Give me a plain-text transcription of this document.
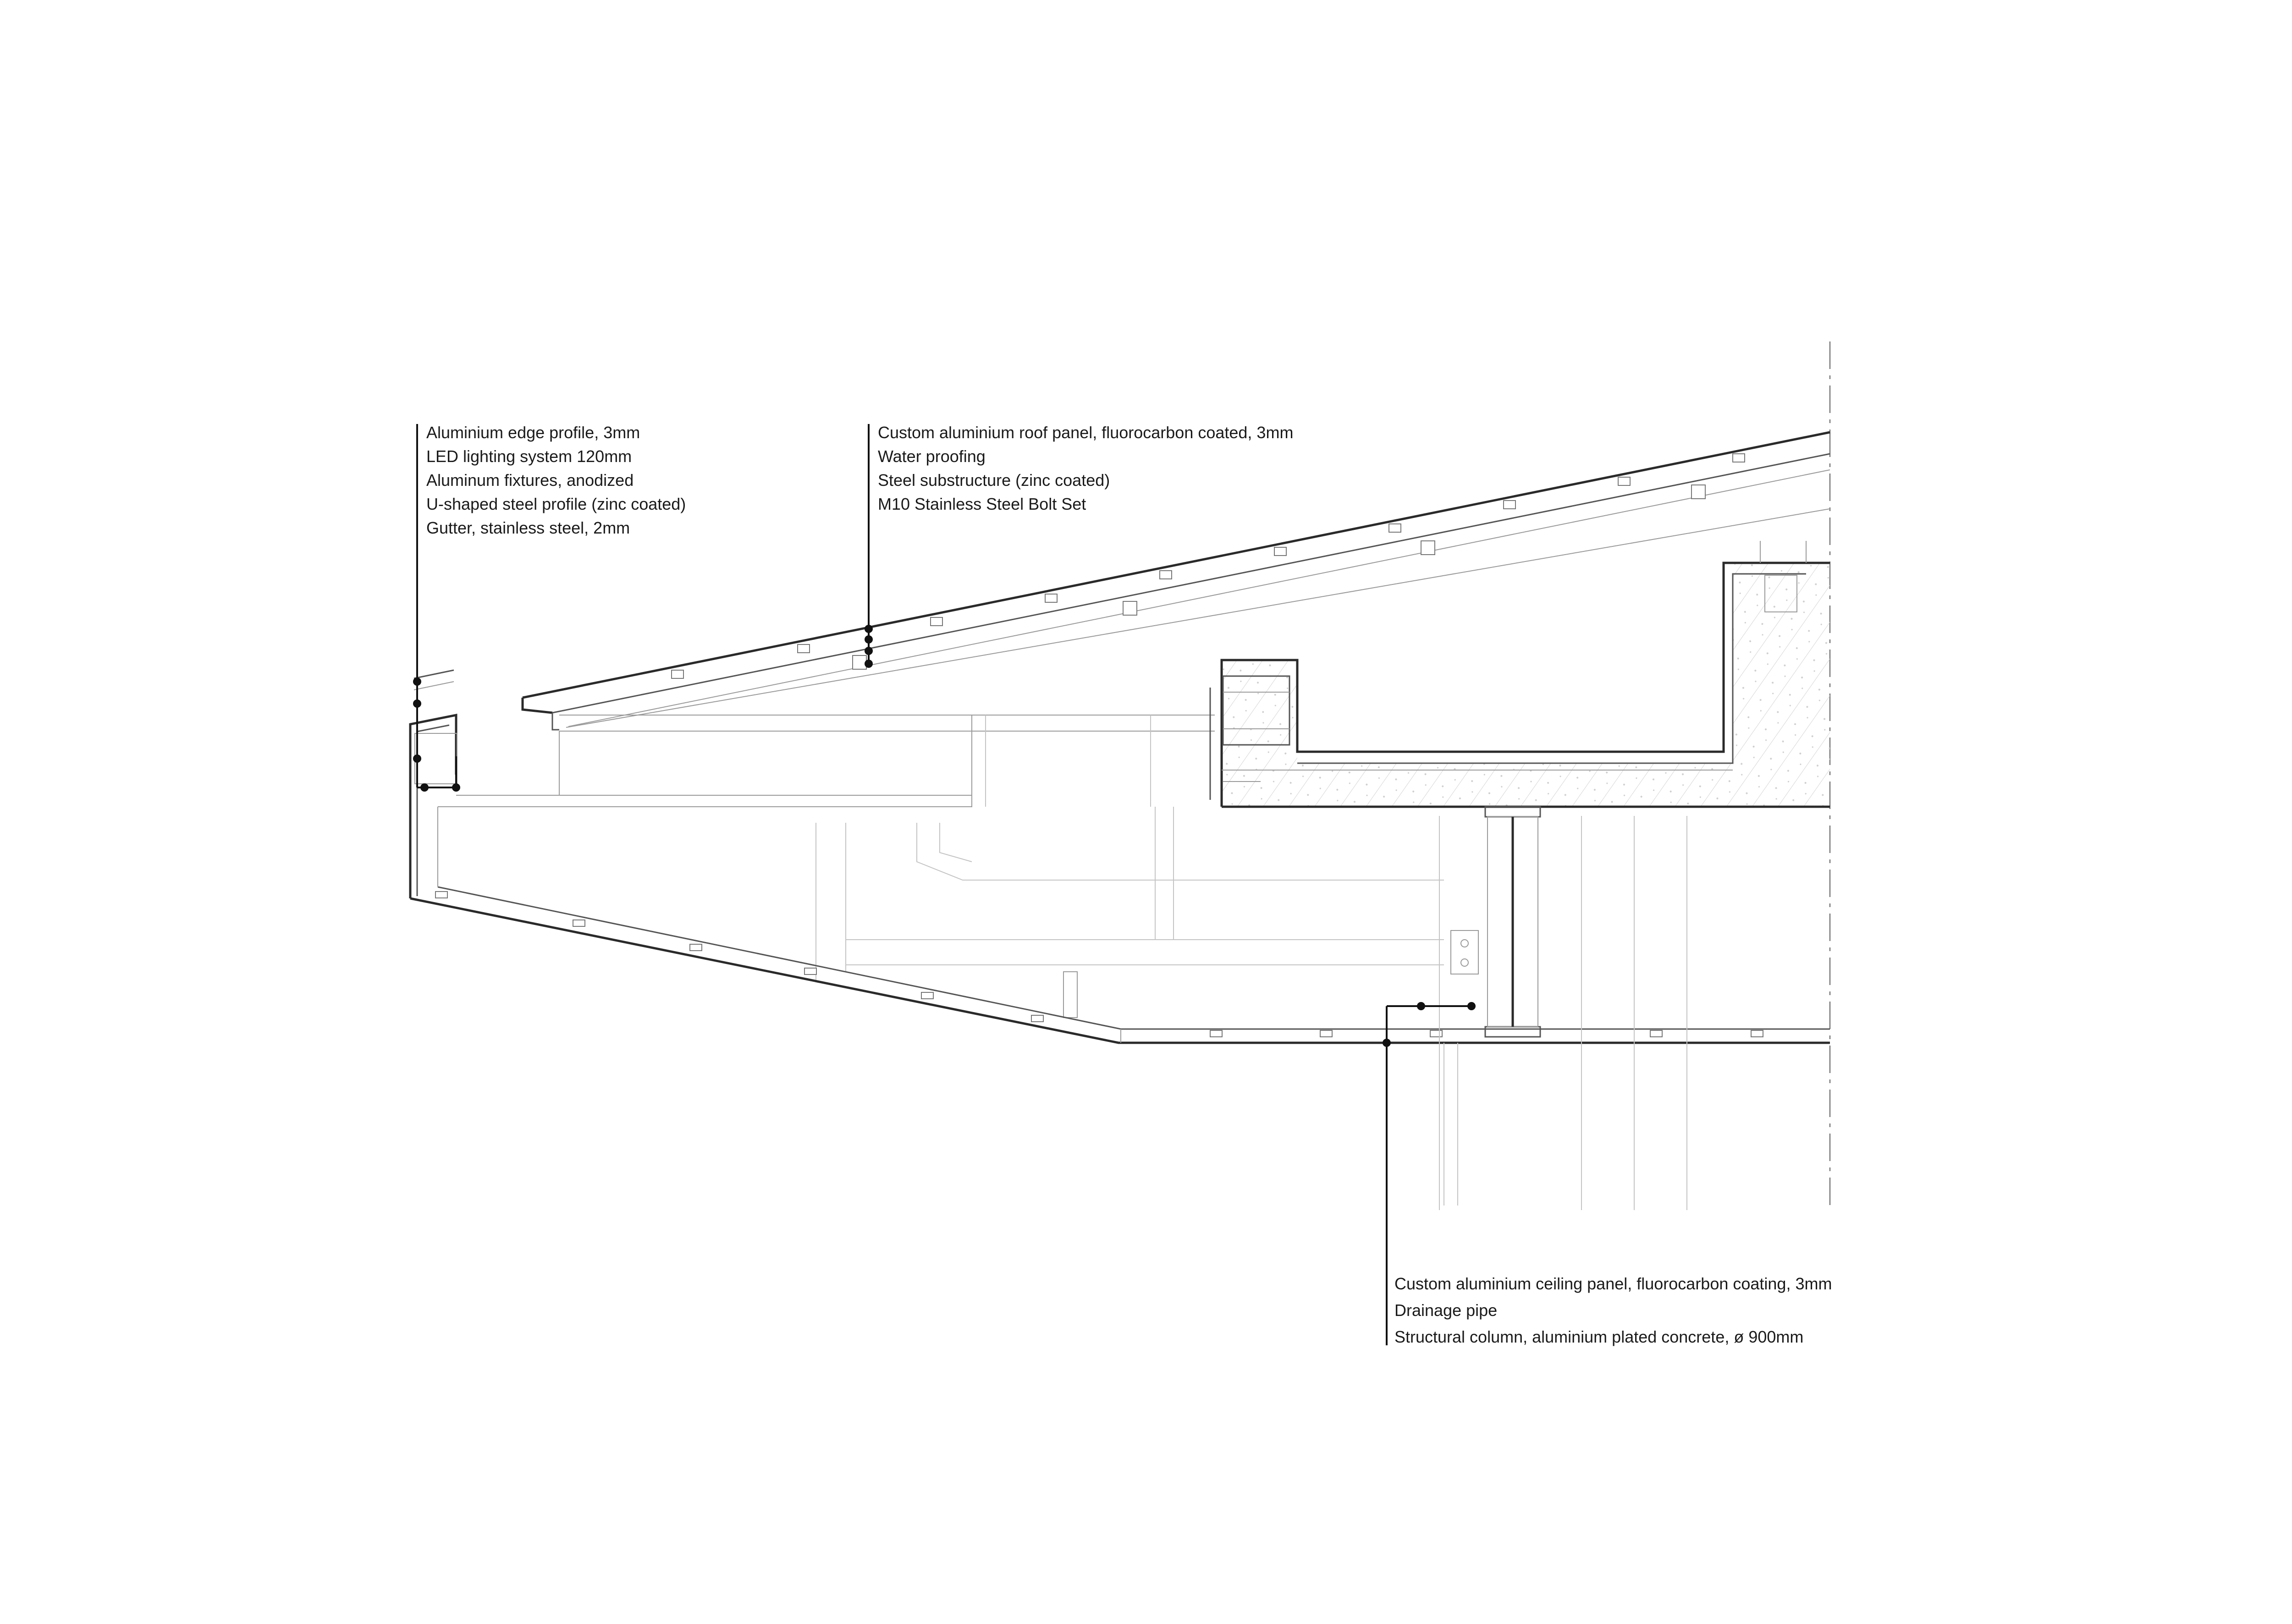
Aluminium edge profile, 3mm
LED lighting system 120mm
Aluminum fixtures, anodized
U-shaped steel profile (zinc coated)
Gutter, stainless steel, 2mm
Custom aluminium roof panel, fluorocarbon coated, 3mm
Water proofing
Steel substructure (zinc coated)
M10 Stainless Steel Bolt Set
Custom aluminium ceiling panel, fluorocarbon coating, 3mm
Drainage pipe
Structural column, aluminium plated concrete, ø 900mm
